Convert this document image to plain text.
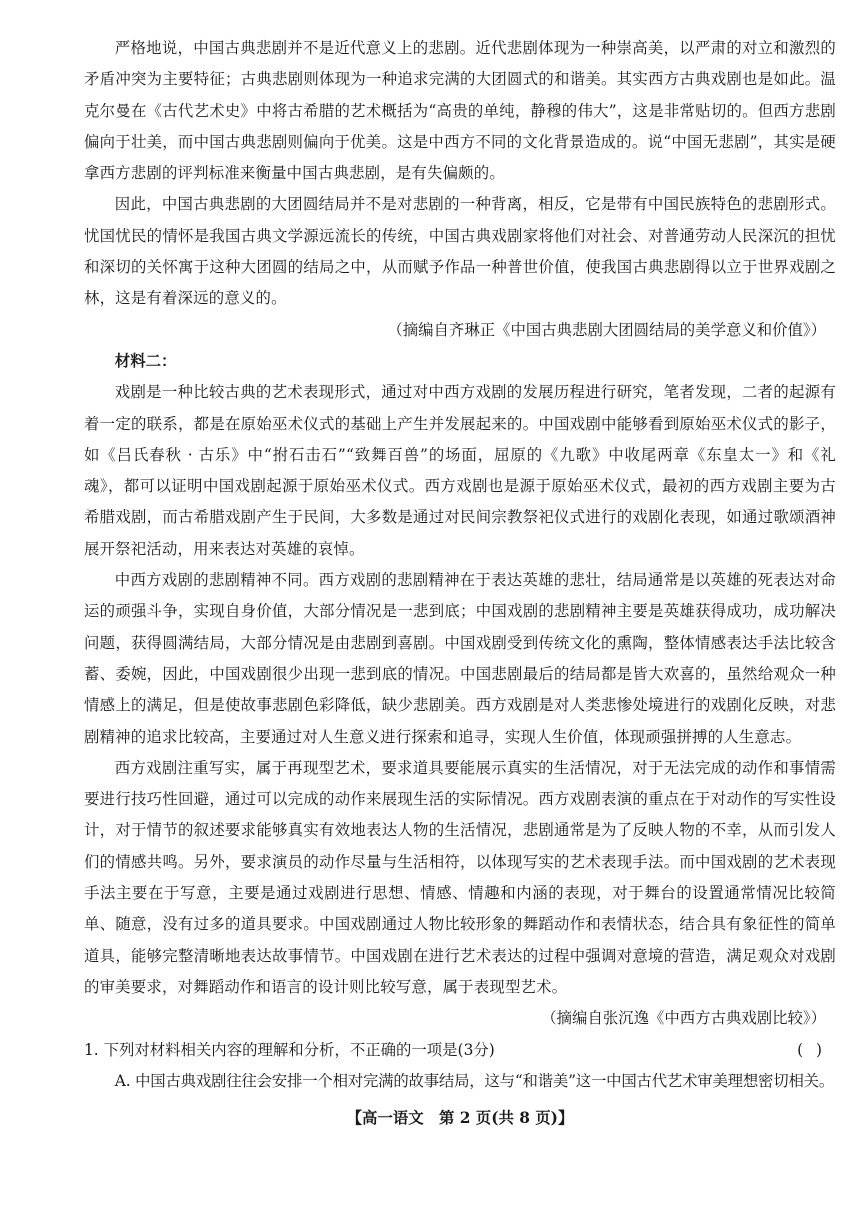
严格地说，中国古典悲剧并不是近代意义上的悲剧。近代悲剧体现为一种崇高美，以严肃的对立和激烈的矛盾冲突为主要特征；古典悲剧则体现为一种追求完满的大团圆式的和谐美。其实西方古典戏剧也是如此。温克尔曼在《古代艺术史》中将古希腊的艺术概括为“高贵的单纯，静穆的伟大”，这是非常贴切的。但西方悲剧偏向于壮美，而中国古典悲剧则偏向于优美。这是中西方不同的文化背景造成的。说“中国无悲剧”，其实是硬拿西方悲剧的评判标准来衡量中国古典悲剧，是有失偏颇的。

因此，中国古典悲剧的大团圆结局并不是对悲剧的一种背离，相反，它是带有中国民族特色的悲剧形式。忧国忧民的情怀是我国古典文学源远流长的传统，中国古典戏剧家将他们对社会、对普通劳动人民深沉的担忧和深切的关怀寓于这种大团圆的结局之中，从而赋予作品一种普世价值，使我国古典悲剧得以立于世界戏剧之林，这是有着深远的意义的。

（摘编自齐琳正《中国古典悲剧大团圆结局的美学意义和价值》）

材料二：

戏剧是一种比较古典的艺术表现形式，通过对中西方戏剧的发展历程进行研究，笔者发现，二者的起源有着一定的联系，都是在原始巫术仪式的基础上产生并发展起来的。中国戏剧中能够看到原始巫术仪式的影子，如《吕氏春秋 · 古乐》中“拊石击石”“致舞百兽”的场面，屈原的《九歌》中收尾两章《东皇太一》和《礼魂》，都可以证明中国戏剧起源于原始巫术仪式。西方戏剧也是源于原始巫术仪式，最初的西方戏剧主要为古希腊戏剧，而古希腊戏剧产生于民间，大多数是通过对民间宗教祭祀仪式进行的戏剧化表现，如通过歌颂酒神展开祭祀活动，用来表达对英雄的哀悼。

中西方戏剧的悲剧精神不同。西方戏剧的悲剧精神在于表达英雄的悲壮，结局通常是以英雄的死表达对命运的顽强斗争，实现自身价值，大部分情况是一悲到底；中国戏剧的悲剧精神主要是英雄获得成功，成功解决问题，获得圆满结局，大部分情况是由悲剧到喜剧。中国戏剧受到传统文化的熏陶，整体情感表达手法比较含蓄、委婉，因此，中国戏剧很少出现一悲到底的情况。中国悲剧最后的结局都是皆大欢喜的，虽然给观众一种情感上的满足，但是使故事悲剧色彩降低，缺少悲剧美。西方戏剧是对人类悲惨处境进行的戏剧化反映，对悲剧精神的追求比较高，主要通过对人生意义进行探索和追寻，实现人生价值，体现顽强拼搏的人生意志。

西方戏剧注重写实，属于再现型艺术，要求道具要能展示真实的生活情况，对于无法完成的动作和事情需要进行技巧性回避，通过可以完成的动作来展现生活的实际情况。西方戏剧表演的重点在于对动作的写实性设计，对于情节的叙述要求能够真实有效地表达人物的生活情况，悲剧通常是为了反映人物的不幸，从而引发人们的情感共鸣。另外，要求演员的动作尽量与生活相符，以体现写实的艺术表现手法。而中国戏剧的艺术表现手法主要在于写意，主要是通过戏剧进行思想、情感、情趣和内涵的表现，对于舞台的设置通常情况比较简单、随意，没有过多的道具要求。中国戏剧通过人物比较形象的舞蹈动作和表情状态，结合具有象征性的简单道具，能够完整清晰地表达故事情节。中国戏剧在进行艺术表达的过程中强调对意境的营造，满足观众对戏剧的审美要求，对舞蹈动作和语言的设计则比较写意，属于表现型艺术。

（摘编自张沉逸《中西方古典戏剧比较》）

1. 下列对材料相关内容的理解和分析，不正确的一项是(3分)	( )

A. 中国古典戏剧往往会安排一个相对完满的故事结局，这与“和谐美”这一中国古代艺术审美理想密切相关。

【高一语文　第 2 页(共 8 页)】
